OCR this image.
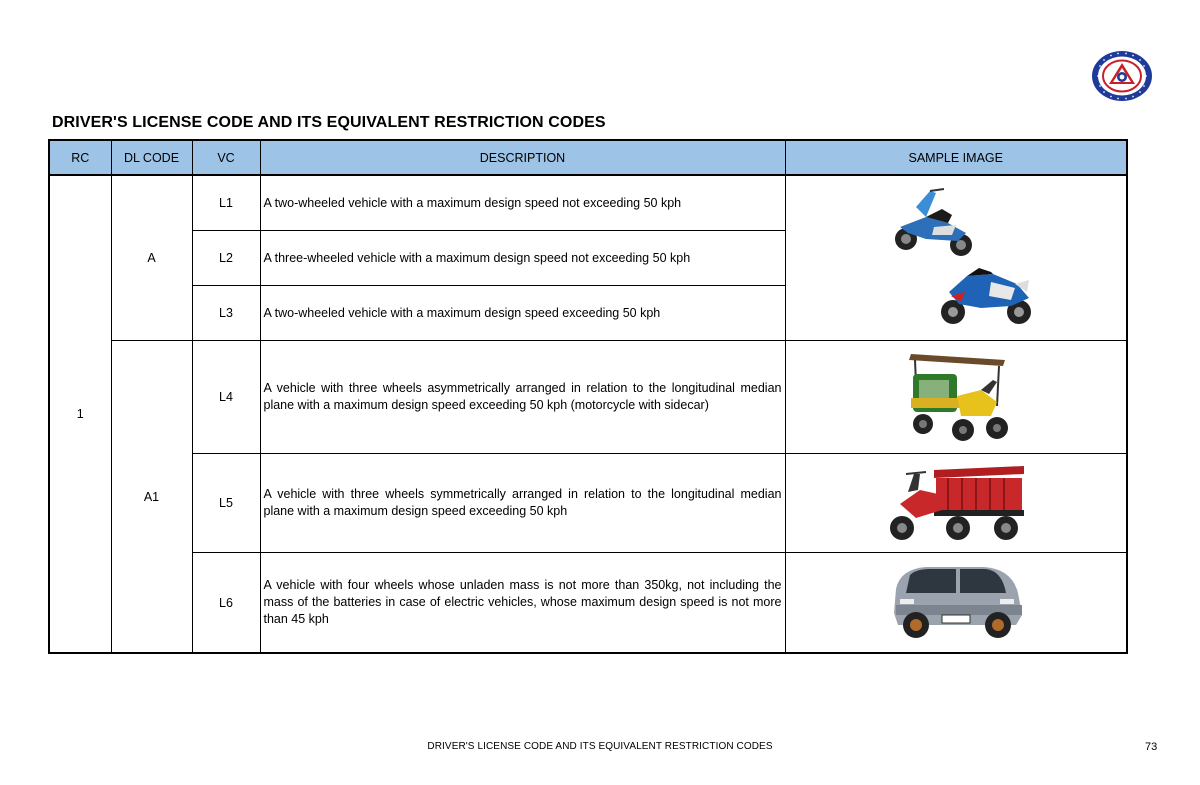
DRIVER'S LICENSE CODE AND ITS EQUIVALENT RESTRICTION CODES
RC	DL CODE	VC	DESCRIPTION	SAMPLE IMAGE
1	A	L1	A two-wheeled vehicle with a maximum design speed not exceeding 50 kph	
		L2	A three-wheeled vehicle with a maximum design speed not exceeding 50 kph	
		L3	A two-wheeled vehicle with a maximum design speed exceeding 50 kph	
	A1	L4	A vehicle with three wheels asymmetrically arranged in relation to the longitudinal median plane with a maximum design speed exceeding 50 kph (motorcycle with sidecar)	
		L5	A vehicle with three wheels symmetrically arranged in relation to the longitudinal median plane with a maximum design speed exceeding 50 kph	
		L6	A vehicle with four wheels whose unladen mass is not more than 350kg, not including the mass of the batteries in case of electric vehicles, whose maximum design speed is not more than 45 kph	
DRIVER'S LICENSE CODE AND ITS EQUIVALENT RESTRICTION CODES	73
